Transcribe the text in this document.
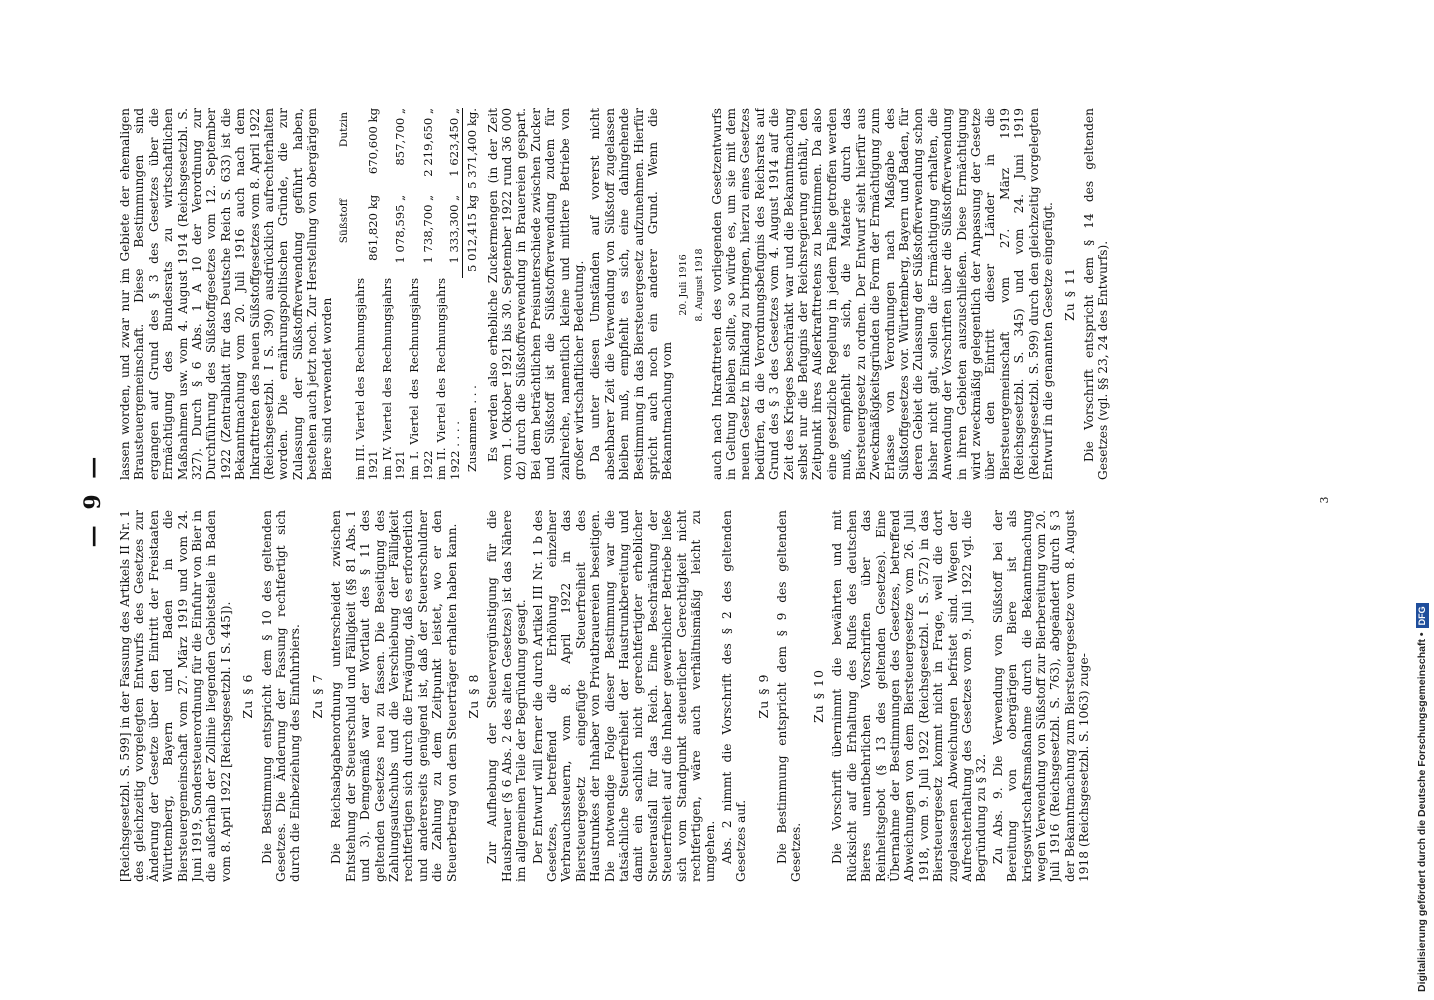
— 9 —

[Reichsgesetzbl. S. 599] in der Fassung des Artikels II Nr. 1 des gleichzeitig vorgelegten Entwurfs des Gesetzes zur Änderung der Gesetze über den Eintritt der Freistaaten Württemberg, Bayern und Baden in die Biersteuergemeinschaft vom 27. März 1919 und vom 24. Juni 1919, Sondersteuerordnung für die Einfuhr von Bier in die außerhalb der Zollinie liegenden Gebietsteile in Baden vom 8. April 1922 [Reichsgesetzbl. I S. 445]). Zu § 6 Die Bestimmung entspricht dem § 10 des geltenden Gesetzes. Die Änderung der Fassung rechtfertigt sich durch die Einbeziehung des Einfuhrbiers. Zu § 7 Die Reichsabgabenordnung unterscheidet zwischen Entstehung der Steuerschuld und Fälligkeit (§§ 81 Abs. 1 und 3). Demgemäß war der Wortlaut des § 11 des geltenden Gesetzes neu zu fassen. Die Beseitigung des Zahlungsaufschubs und die Verschiebung der Fälligkeit rechtfertigen sich durch die Erwägung, daß es erforderlich und andererseits genügend ist, daß der Steuerschuldner die Zahlung zu dem Zeitpunkt leistet, wo er den Steuerbetrag von dem Steuerträger erhalten haben kann. Zu § 8 Zur Aufhebung der Steuervergünstigung für die Hausbrauer (§ 6 Abs. 2 des alten Gesetzes) ist das Nähere im allgemeinen Teile der Begründung gesagt. Der Entwurf will ferner die durch Artikel III Nr. 1 b des Gesetzes, betreffend die Erhöhung einzelner Verbrauchssteuern, vom 8. April 1922 in das Biersteuergesetz eingefügte Steuerfreiheit des Haustrunkes der Inhaber von Privatbrauereien beseitigen. Die notwendige Folge dieser Bestimmung war die tatsächliche Steuerfreiheit der Haustrunkbereitung und damit ein sachlich nicht gerechtfertigter erheblicher Steuerausfall für das Reich. Eine Beschränkung der Steuerfreiheit auf die Inhaber gewerblicher Betriebe ließe sich vom Standpunkt steuerlicher Gerechtigkeit nicht rechtfertigen, wäre auch verhältnismäßig leicht zu umgehen. Abs. 2 nimmt die Vorschrift des § 2 des geltenden Gesetzes auf.

Zu § 9 Die Bestimmung entspricht dem § 9 des geltenden Gesetzes.

Zu § 10 Die Vorschrift übernimmt die bewährten und mit Rücksicht auf die Erhaltung des Rufes des deutschen Bieres unentbehrlichen Vorschriften über das Reinheitsgebot (§ 13 des geltenden Gesetzes). Eine Übernahme der Bestimmungen des Gesetzes, betreffend Abweichungen von dem Biersteuergesetze vom 26. Juli 1918, vom 9. Juli 1922 (Reichsgesetzbl. I S. 572) in das Biersteuergesetz kommt nicht in Frage, weil die dort zugelassenen Abweichungen befristet sind. Wegen der Aufrechterhaltung des Gesetzes vom 9. Juli 1922 vgl. die Begründung zu § 32. Zu Abs. 9. Die Verwendung von Süßstoff bei der Bereitung von obergärigen Biere ist als kriegswirtschaftsmaßnahme durch die Bekanntmachung wegen Verwendung von Süßstoff zur Bierbereitung vom 20. Juli 1916 (Reichsgesetzbl. S. 763), abgeändert durch § 3 der Bekanntmachung zum Biersteuergesetze vom 8. August 1918 (Reichsgesetzbl. S. 1063) zuge-

lassen worden, und zwar nur im Gebiete der ehemaligen Brausteuergemeinschaft. Diese Bestimmungen sind ergangen auf Grund des § 3 des Gesetzes über die Ermächtigung des Bundesrats zu wirtschaftlichen Maßnahmen usw. vom 4. August 1914 (Reichsgesetzbl. S. 327). Durch § 6 Abs. 1 A 10 der Verordnung zur Durchführung des Süßstoffgesetzes vom 12. September 1922 (Zentralblatt für das Deutsche Reich S. 633) ist die Bekanntmachung vom 20. Juli 1916 auch nach dem Inkrafttreten des neuen Süßstoffgesetzes vom 8. April 1922 (Reichsgesetzbl. I S. 390) ausdrücklich aufrechterhalten worden. Die ernährungspolitischen Gründe, die zur Zulassung der Süßstoffverwendung geführt haben, bestehen auch jetzt noch. Zur Herstellung von obergärigem Biere sind verwendet worden

	Süßstoff	Dutzin
im III. Viertel des Rechnungsjahrs 1921	861,820 kg	670,600 kg
im IV. Viertel des Rechnungsjahrs 1921	1 078,595 „	857,700 „
im I. Viertel des Rechnungsjahrs 1922	1 738,700 „	2 219,650 „
im II. Viertel des Rechnungsjahrs 1922 . . . .	1 333,300 „	1 623,450 „
Zusammen . . .	5 012,415 kg	5 371,400 kg. Es werden also erhebliche Zuckermengen (in der Zeit vom 1. Oktober 1921 bis 30. September 1922 rund 36 000 dz) durch die Süßstoffverwendung in Brauereien gespart. Bei dem beträchtlichen Preisunterschiede zwischen Zucker und Süßstoff ist die Süßstoffverwendung zudem für zahlreiche, namentlich kleine und mittlere Betriebe von großer wirtschaftlicher Bedeutung. Da unter diesen Umständen auf vorerst nicht absehbarer Zeit die Verwendung von Süßstoff zugelassen bleiben muß, empfiehlt es sich, eine dahingehende Bestimmung in das Biersteuergesetz aufzunehmen. Hierfür spricht auch noch ein anderer Grund. Wenn die Bekanntmachung vom

20. Juli 1916 8. August 1918 auch nach Inkrafttreten des vorliegenden Gesetzentwurfs in Geltung bleiben sollte, so würde es, um sie mit dem neuen Gesetz in Einklang zu bringen, hierzu eines Gesetzes bedürfen, da die Verordnungsbefugnis des Reichsrats auf Grund des § 3 des Gesetzes vom 4. August 1914 auf die Zeit des Krieges beschränkt war und die Bekanntmachung selbst nur die Befugnis der Reichsregierung enthält, den Zeitpunkt ihres Außerkrafttretens zu bestimmen. Da also eine gesetzliche Regelung in jedem Falle getroffen werden muß, empfiehlt es sich, die Materie durch das Biersteuergesetz zu ordnen. Der Entwurf sieht hierfür aus Zweckmäßigkeitsgründen die Form der Ermächtigung zum Erlasse von Verordnungen nach Maßgabe des Süßstoffgesetzes vor. Württemberg, Bayern und Baden, für deren Gebiet die Zulassung der Süßstoffverwendung schon bisher nicht galt, sollen die Ermächtigung erhalten, die Anwendung der Vorschriften über die Süßstoffverwendung in ihren Gebieten auszuschließen. Diese Ermächtigung wird zweckmäßig gelegentlich der Anpassung der Gesetze über den Eintritt dieser Länder in die Biersteuergemeinschaft vom 27. März 1919 (Reichsgesetzbl. S. 345) und vom 24. Juni 1919 (Reichsgesetzbl. S. 599) durch den gleichzeitig vorgelegten Entwurf in die genannten Gesetze eingefügt. Zu § 11 Die Vorschrift entspricht dem § 14 des geltenden Gesetzes (vgl. §§ 23, 24 des Entwurfs).

3
Digitalisierung gefördert durch die Deutsche Forschungsgemeinschaft •DFG
